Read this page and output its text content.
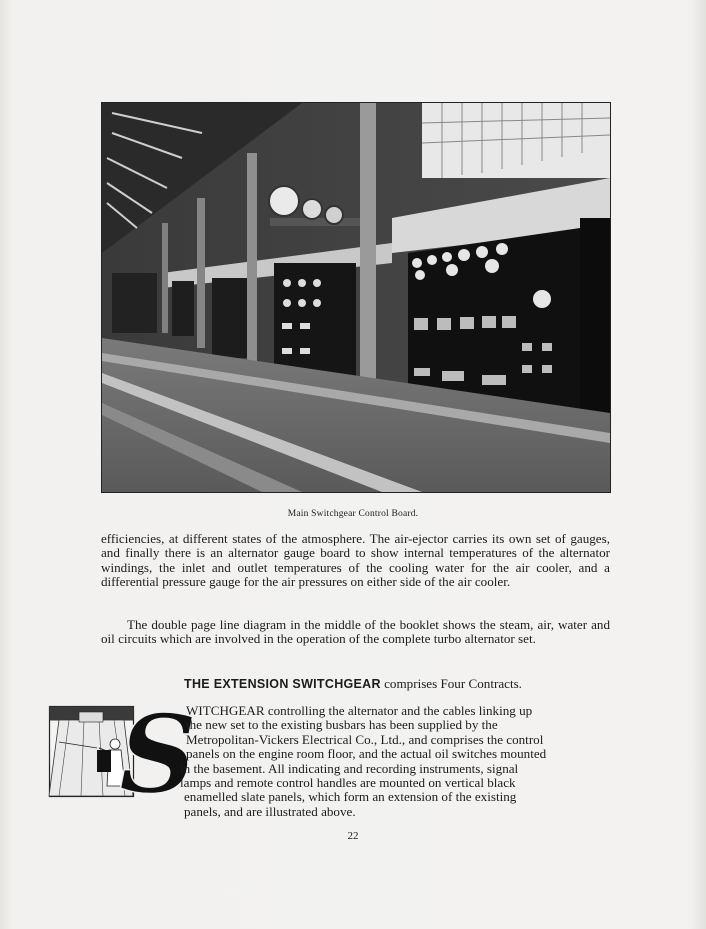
Main Switchgear Control Board.

efficiencies, at different states of the atmosphere. The air-ejector carries its own set of gauges, and finally there is an alternator gauge board to show internal temperatures of the alternator windings, the inlet and outlet temperatures of the cooling water for the air cooler, and a differential pressure gauge for the air pressures on either side of the air cooler.

The double page line diagram in the middle of the booklet shows the steam, air, water and oil circuits which are involved in the operation of the complete turbo alternator set.

THE EXTENSION SWITCHGEAR comprises Four Contracts.
S
WITCHGEAR controlling the alternator and the cables linking up
the new set to the existing busbars has been supplied by the
Metropolitan-Vickers Electrical Co., Ltd., and comprises the control
panels on the engine room floor, and the actual oil switches mounted
in the basement. All indicating and recording instruments, signal
lamps and remote control handles are mounted on vertical black
enamelled slate panels, which form an extension of the existing
panels, and are illustrated above.
22
